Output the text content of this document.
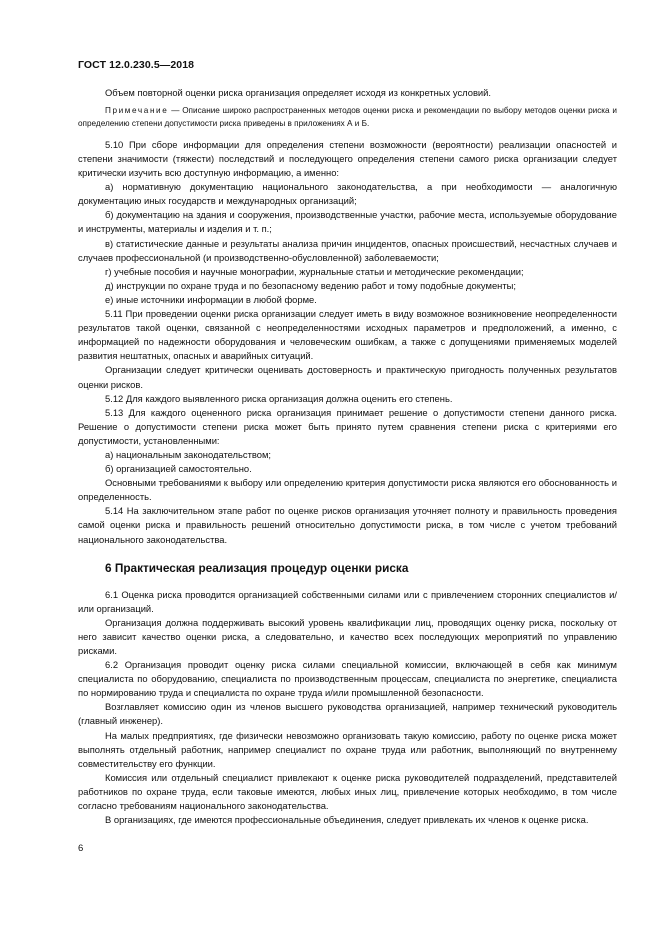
ГОСТ 12.0.230.5—2018

Объем повторной оценки риска организация определяет исходя из конкретных условий.

Примечание — Описание широко распространенных методов оценки риска и рекомендации по выбору методов оценки риска и определению степени допустимости риска приведены в приложениях А и Б.

5.10 При сборе информации для определения степени возможности (вероятности) реализации опасностей и степени значимости (тяжести) последствий и последующего определения степени самого риска организации следует критически изучить всю доступную информацию, а именно:

а) нормативную документацию национального законодательства, а при необходимости — аналогичную документацию иных государств и международных организаций;

б) документацию на здания и сооружения, производственные участки, рабочие места, используемые оборудование и инструменты, материалы и изделия и т. п.;

в) статистические данные и результаты анализа причин инцидентов, опасных происшествий, несчастных случаев и случаев профессиональной (и производственно-обусловленной) заболеваемости;

г) учебные пособия и научные монографии, журнальные статьи и методические рекомендации;

д) инструкции по охране труда и по безопасному ведению работ и тому подобные документы;

е) иные источники информации в любой форме.

5.11 При проведении оценки риска организации следует иметь в виду возможное возникновение неопределенности результатов такой оценки, связанной с неопределенностями исходных параметров и предположений, а именно, с информацией по надежности оборудования и человеческим ошибкам, а также с допущениями применяемых моделей развития нештатных, опасных и аварийных ситуаций.

Организации следует критически оценивать достоверность и практическую пригодность полученных результатов оценки рисков.

5.12 Для каждого выявленного риска организация должна оценить его степень.

5.13 Для каждого оцененного риска организация принимает решение о допустимости степени данного риска. Решение о допустимости степени риска может быть принято путем сравнения степени риска с критериями его допустимости, установленными:

а) национальным законодательством;

б) организацией самостоятельно.

Основными требованиями к выбору или определению критерия допустимости риска являются его обоснованность и определенность.

5.14 На заключительном этапе работ по оценке рисков организация уточняет полноту и правильность проведения самой оценки риска и правильность решений относительно допустимости риска, в том числе с учетом требований национального законодательства.

6 Практическая реализация процедур оценки риска

6.1 Оценка риска проводится организацией собственными силами или с привлечением сторонних специалистов и/или организаций.

Организация должна поддерживать высокий уровень квалификации лиц, проводящих оценку риска, поскольку от него зависит качество оценки риска, а следовательно, и качество всех последующих мероприятий по управлению рисками.

6.2 Организация проводит оценку риска силами специальной комиссии, включающей в себя как минимум специалиста по оборудованию, специалиста по производственным процессам, специалиста по энергетике, специалиста по нормированию труда и специалиста по охране труда и/или промышленной безопасности.

Возглавляет комиссию один из членов высшего руководства организацией, например технический руководитель (главный инженер).

На малых предприятиях, где физически невозможно организовать такую комиссию, работу по оценке риска может выполнять отдельный работник, например специалист по охране труда или работник, выполняющий по внутреннему совместительству его функции.

Комиссия или отдельный специалист привлекают к оценке риска руководителей подразделений, представителей работников по охране труда, если таковые имеются, любых иных лиц, привлечение которых необходимо, в том числе согласно требованиям национального законодательства.

В организациях, где имеются профессиональные объединения, следует привлекать их членов к оценке риска.

6
